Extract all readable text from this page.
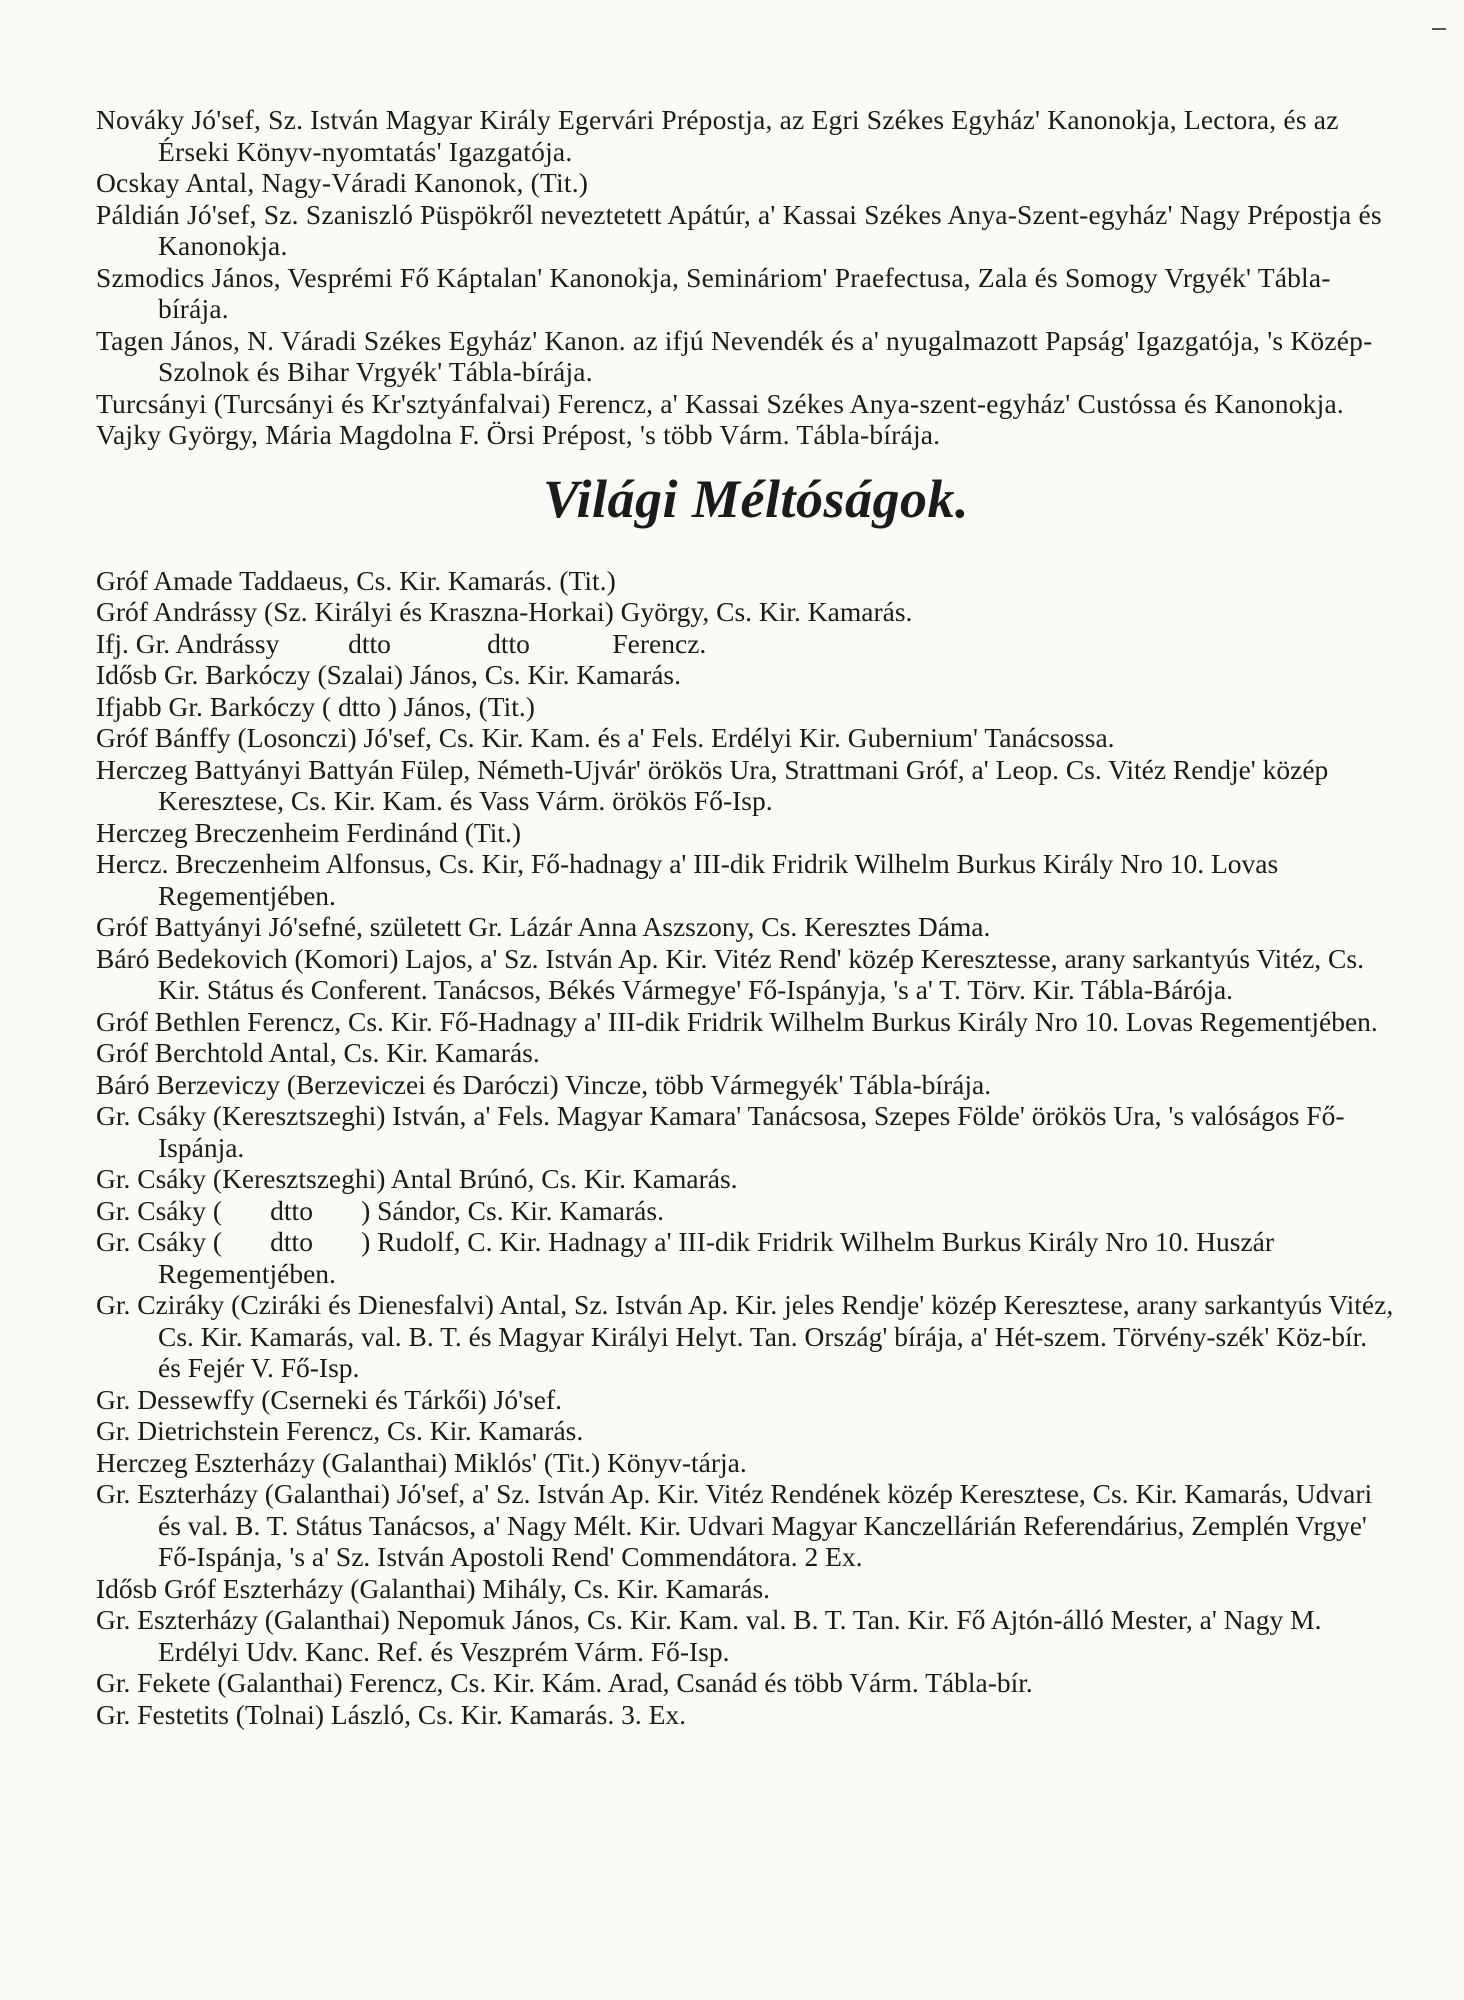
Nováky Jó'sef, Sz. István Magyar Király Egervári Prépostja, az Egri Székes Egyház' Kanonokja, Lectora, és az Érseki Könyv-nyomtatás' Igazgatója.

Ocskay Antal, Nagy-Váradi Kanonok, (Tit.)

Páldián Jó'sef, Sz. Szaniszló Püspökről neveztetett Apátúr, a' Kassai Székes Anya-Szent-egyház' Nagy Prépostja és Kanonokja.

Szmodics János, Vesprémi Fő Káptalan' Kanonokja, Semináriom' Praefectusa, Zala és Somogy Vrgyék' Tábla-bírája.

Tagen János, N. Váradi Székes Egyház' Kanon. az ifjú Nevendék és a' nyugalmazott Papság' Igazgatója, 's Közép-Szolnok és Bihar Vrgyék' Tábla-bírája.

Turcsányi (Turcsányi és Kr'sztyánfalvai) Ferencz, a' Kassai Székes Anya-szent-egyház' Custóssa és Kanonokja.

Vajky György, Mária Magdolna F. Örsi Prépost, 's több Várm. Tábla-bírája.

Világi Méltóságok.

Gróf Amade Taddaeus, Cs. Kir. Kamarás. (Tit.)

Gróf Andrássy (Sz. Királyi és Kraszna-Horkai) György, Cs. Kir. Kamarás.

Ifj. Gr. Andrássy          dtto              dtto            Ferencz.

Idősb Gr. Barkóczy (Szalai) János, Cs. Kir. Kamarás.

Ifjabb Gr. Barkóczy ( dtto ) János, (Tit.)

Gróf Bánffy (Losonczi) Jó'sef, Cs. Kir. Kam. és a' Fels. Erdélyi Kir. Gubernium' Tanácsossa.

Herczeg Battyányi Battyán Fülep, Németh-Ujvár' örökös Ura, Strattmani Gróf, a' Leop. Cs. Vitéz Rendje' közép Keresztese, Cs. Kir. Kam. és Vass Várm. örökös Fő-Isp.

Herczeg Breczenheim Ferdinánd (Tit.)

Hercz. Breczenheim Alfonsus, Cs. Kir, Fő-hadnagy a' III-dik Fridrik Wilhelm Burkus Király Nro 10. Lovas Regementjében.

Gróf Battyányi Jó'sefné, született Gr. Lázár Anna Aszszony, Cs. Keresztes Dáma.

Báró Bedekovich (Komori) Lajos, a' Sz. István Ap. Kir. Vitéz Rend' közép Keresztesse, arany sarkantyús Vitéz, Cs. Kir. Státus és Conferent. Tanácsos, Békés Vármegye' Fő-Ispányja, 's a' T. Törv. Kir. Tábla-Bárója.

Gróf Bethlen Ferencz, Cs. Kir. Fő-Hadnagy a' III-dik Fridrik Wilhelm Burkus Király Nro 10. Lovas Regementjében.

Gróf Berchtold Antal, Cs. Kir. Kamarás.

Báró Berzeviczy (Berzeviczei és Daróczi) Vincze, több Vármegyék' Tábla-bírája.

Gr. Csáky (Keresztszeghi) István, a' Fels. Magyar Kamara' Tanácsosa, Szepes Földe' örökös Ura, 's valóságos Fő-Ispánja.

Gr. Csáky (Keresztszeghi) Antal Brúnó, Cs. Kir. Kamarás.

Gr. Csáky (       dtto       ) Sándor, Cs. Kir. Kamarás.

Gr. Csáky (       dtto       ) Rudolf, C. Kir. Hadnagy a' III-dik Fridrik Wilhelm Burkus Király Nro 10. Huszár Regementjében.

Gr. Cziráky (Cziráki és Dienesfalvi) Antal, Sz. István Ap. Kir. jeles Rendje' közép Keresztese, arany sarkantyús Vitéz, Cs. Kir. Kamarás, val. B. T. és Magyar Királyi Helyt. Tan. Ország' bírája, a' Hét-szem. Törvény-szék' Köz-bír. és Fejér V. Fő-Isp.

Gr. Dessewffy (Cserneki és Tárkői) Jó'sef.

Gr. Dietrichstein Ferencz, Cs. Kir. Kamarás.

Herczeg Eszterházy (Galanthai) Miklós' (Tit.) Könyv-tárja.

Gr. Eszterházy (Galanthai) Jó'sef, a' Sz. István Ap. Kir. Vitéz Rendének közép Keresztese, Cs. Kir. Kamarás, Udvari és val. B. T. Státus Tanácsos, a' Nagy Mélt. Kir. Udvari Magyar Kanczellárián Referendárius, Zemplén Vrgye' Fő-Ispánja, 's a' Sz. István Apostoli Rend' Commendátora. 2 Ex.

Idősb Gróf Eszterházy (Galanthai) Mihály, Cs. Kir. Kamarás.

Gr. Eszterházy (Galanthai) Nepomuk János, Cs. Kir. Kam. val. B. T. Tan. Kir. Fő Ajtón-álló Mester, a' Nagy M. Erdélyi Udv. Kanc. Ref. és Veszprém Várm. Fő-Isp.

Gr. Fekete (Galanthai) Ferencz, Cs. Kir. Kám. Arad, Csanád és több Várm. Tábla-bír.

Gr. Festetits (Tolnai) László, Cs. Kir. Kamarás. 3. Ex.
